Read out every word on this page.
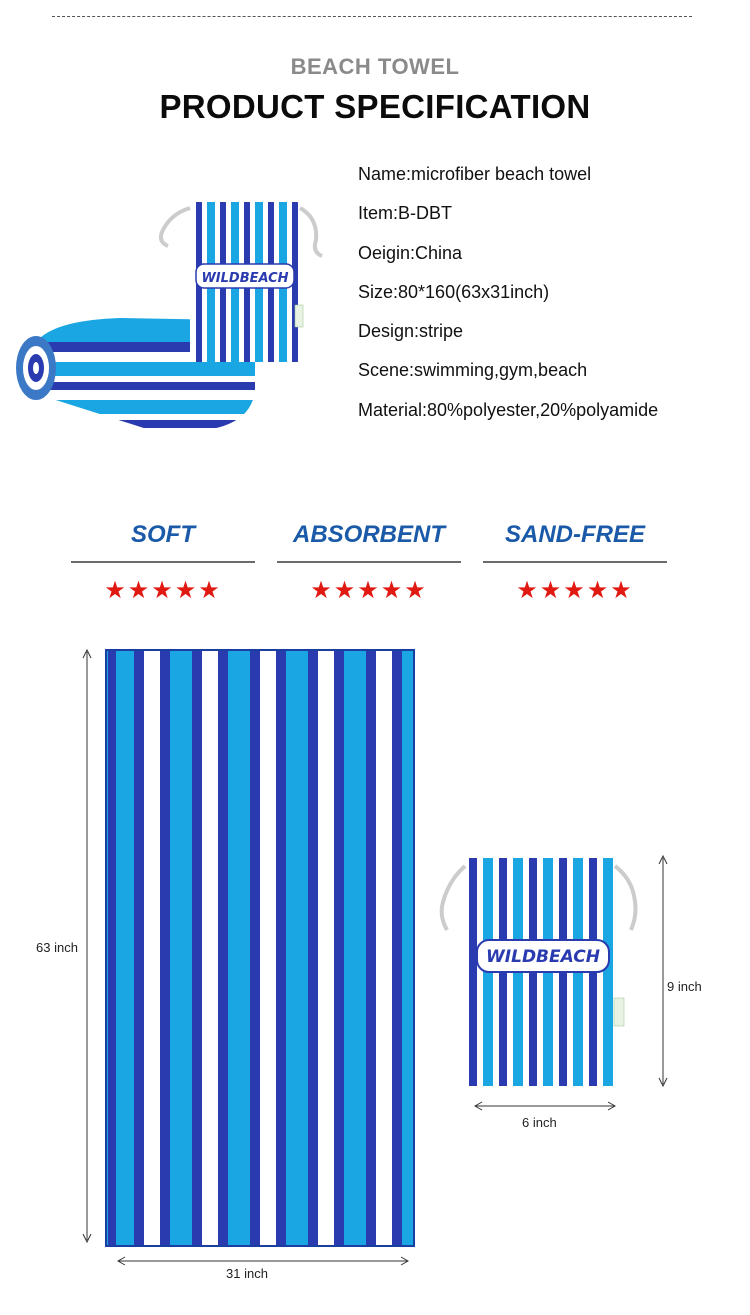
BEACH TOWEL
PRODUCT SPECIFICATION
WILDBEACH
Name:microfiber beach towel
Item:B-DBT
Oeigin:China
Size:80*160(63x31inch)
Design:stripe
Scene:swimming,gym,beach
Material:80%polyester,20%polyamide
SOFT
★★★★★
ABSORBENT
★★★★★
SAND-FREE
★★★★★
63 inch
31 inch
WILDBEACH
9 inch
6 inch
